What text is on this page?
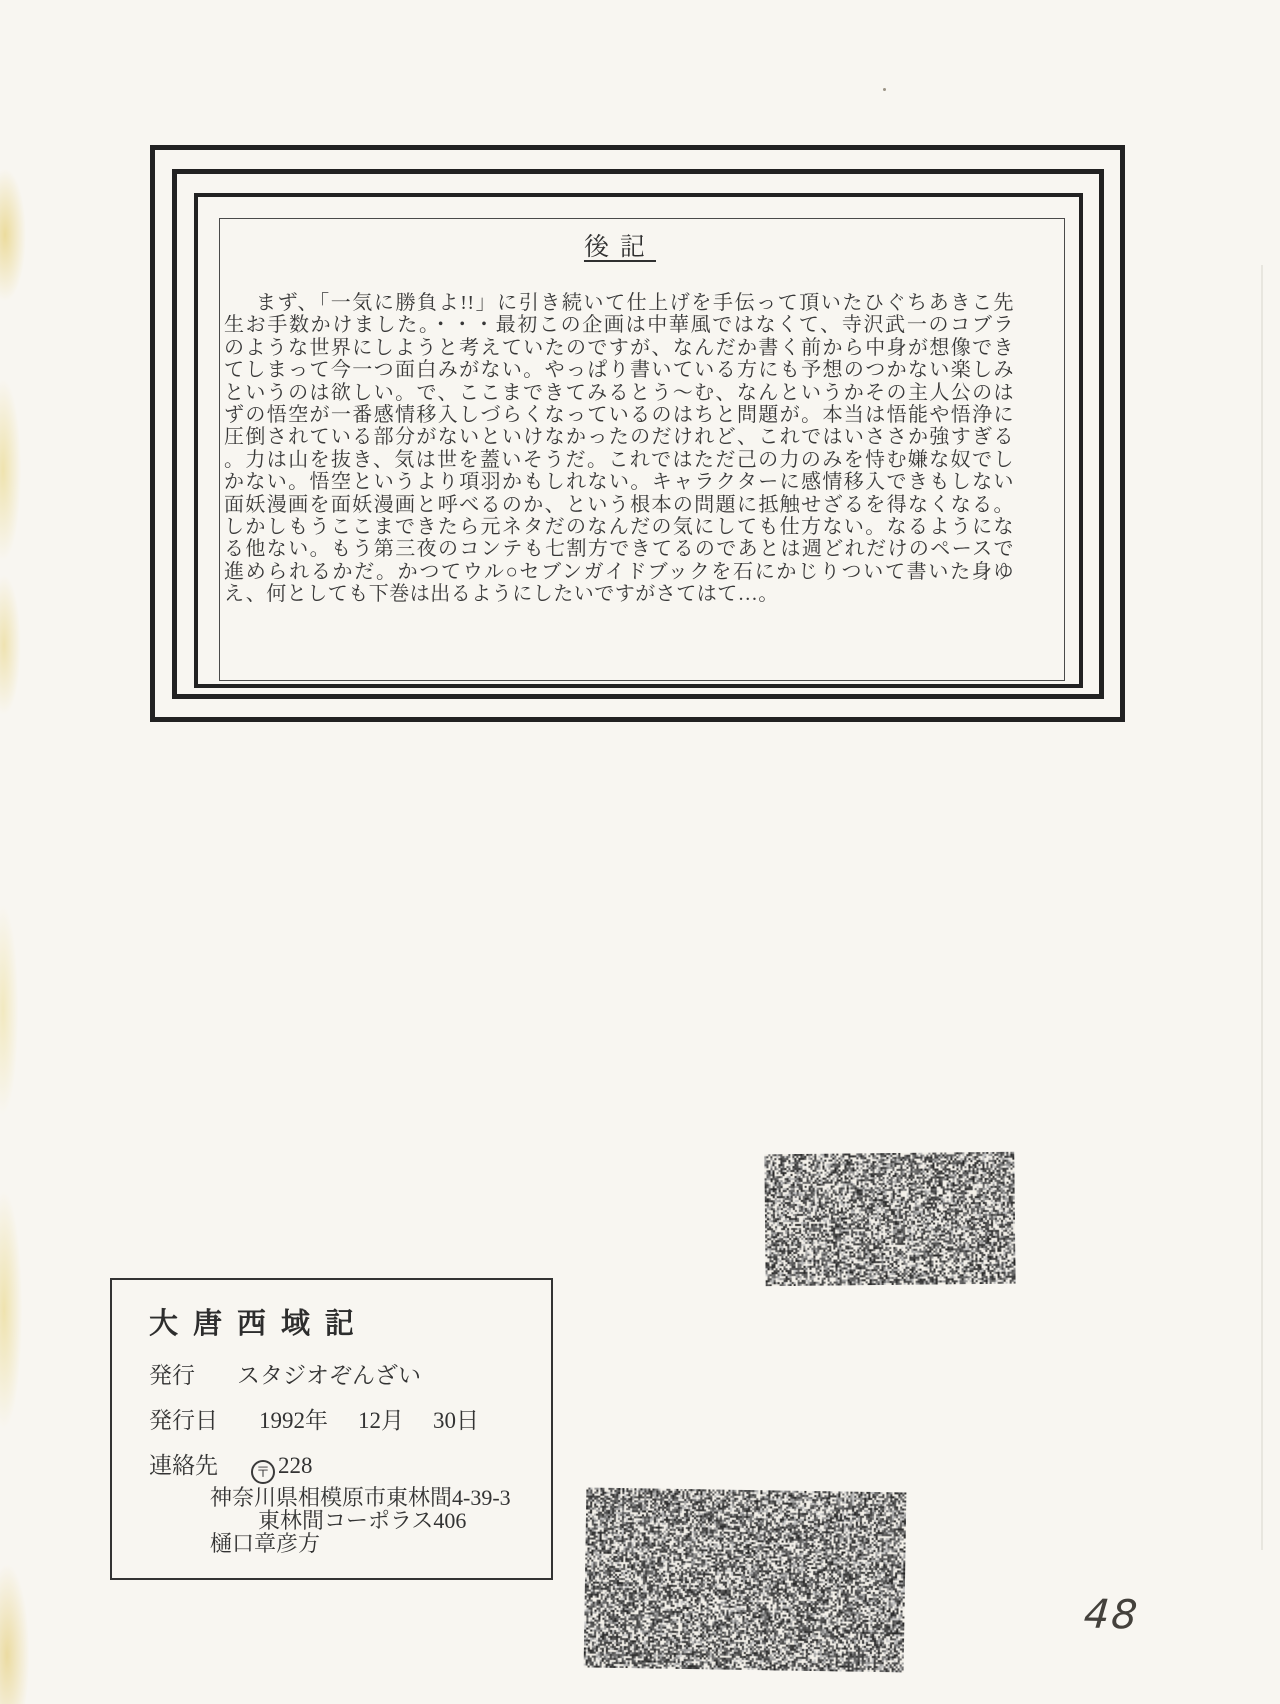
後記
まず、「一気に勝負よ!!」に引き続いて仕上げを手伝って頂いたひぐちあきこ先
生お手数かけました。・・・最初この企画は中華風ではなくて、寺沢武一のコブラ
のような世界にしようと考えていたのですが、なんだか書く前から中身が想像でき
てしまって今一つ面白みがない。やっぱり書いている方にも予想のつかない楽しみ
というのは欲しい。で、ここまできてみるとう～む、なんというかその主人公のは
ずの悟空が一番感情移入しづらくなっているのはちと問題が。本当は悟能や悟浄に
圧倒されている部分がないといけなかったのだけれど、これではいささか強すぎる
。力は山を抜き、気は世を蓋いそうだ。これではただ己の力のみを恃む嫌な奴でし
かない。悟空というより項羽かもしれない。キャラクターに感情移入できもしない
面妖漫画を面妖漫画と呼べるのか、という根本の問題に抵触せざるを得なくなる。
しかしもうここまできたら元ネタだのなんだの気にしても仕方ない。なるようにな
る他ない。もう第三夜のコンテも七割方できてるのであとは週どれだけのペースで
進められるかだ。かつてウル○セブンガイドブックを石にかじりついて書いた身ゆ
え、何としても下巻は出るようにしたいですがさてはて…。
大唐西域記
発行 スタジオぞんざい
発行日 1992年 12月 30日
連絡先	〒 228
神奈川県相模原市東林間4-39-3
東林間コーポラス406
樋口章彦方
48
